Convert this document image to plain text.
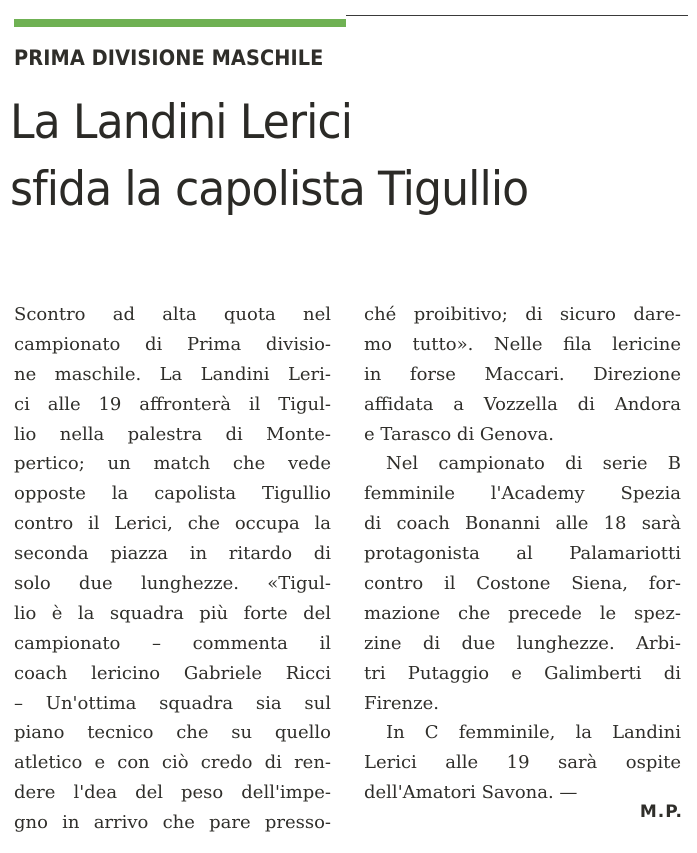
PRIMA DIVISIONE MASCHILE
La Landini Lerici
sfida la capolista Tigullio
Scontro ad alta quota nel
campionato di Prima divisio-
ne maschile. La Landini Leri-
ci alle 19 affronterà il Tigul-
lio nella palestra di Monte-
pertico; un match che vede
opposte la capolista Tigullio
contro il Lerici, che occupa la
seconda piazza in ritardo di
solo due lunghezze. «Tigul-
lio è la squadra più forte del
campionato – commenta il
coach lericino Gabriele Ricci
– Un'ottima squadra sia sul
piano tecnico che su quello
atletico e con ciò credo di ren-
dere l'dea del peso dell'impe-
gno in arrivo che pare presso-
ché proibitivo; di sicuro dare-
mo tutto». Nelle fila lericine
in forse Maccari. Direzione
affidata a Vozzella di Andora
e Tarasco di Genova.
Nel campionato di serie B
femminile l'Academy Spezia
di coach Bonanni alle 18 sarà
protagonista al Palamariotti
contro il Costone Siena, for-
mazione che precede le spez-
zine di due lunghezze. Arbi-
tri Putaggio e Galimberti di
Firenze.
In C femminile, la Landini
Lerici alle 19 sarà ospite
dell'Amatori Savona. —
M.P.
